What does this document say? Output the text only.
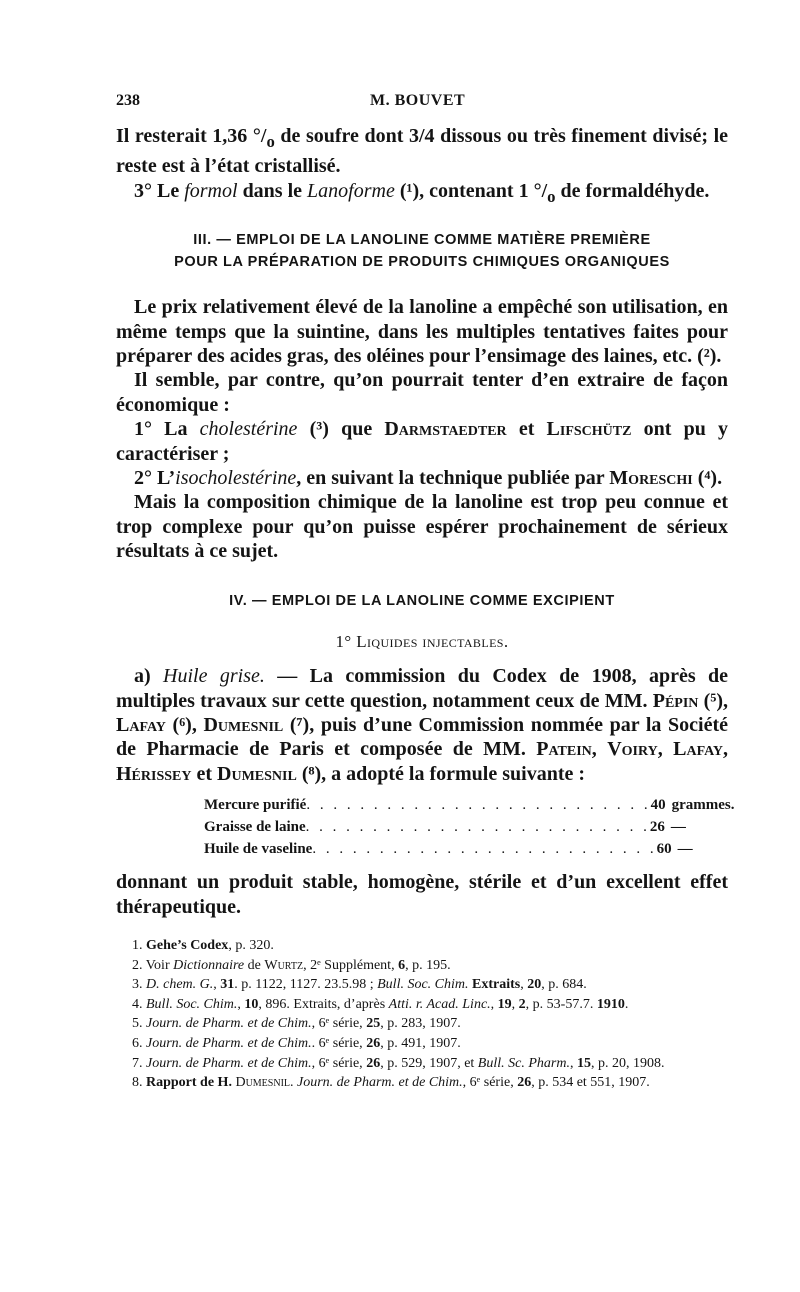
238	M. BOUVET

Il resterait 1,36 $^\circ/_o$ de soufre dont 3/4 dissous ou très finement divisé; le reste est à l’état cristallisé.

3° Le formol dans le Lanoforme (¹), contenant 1 $^\circ/_o$ de formaldéhyde.

III. — EMPLOI DE LA LANOLINE COMME MATIÈRE PREMIÈRE
POUR LA PRÉPARATION DE PRODUITS CHIMIQUES ORGANIQUES

Le prix relativement élevé de la lanoline a empêché son utilisation, en même temps que la suintine, dans les multiples tentatives faites pour préparer des acides gras, des oléines pour l’ensimage des laines, etc. (²).

Il semble, par contre, qu’on pourrait tenter d’en extraire de façon économique :

1° La cholestérine (³) que Darmstaedter et Lifschütz ont pu y caractériser ;

2° L’isocholestérine, en suivant la technique publiée par Moreschi (⁴).

Mais la composition chimique de la lanoline est trop peu connue et trop complexe pour qu’on puisse espérer prochainement de sérieux résultats à ce sujet.

IV. — EMPLOI DE LA LANOLINE COMME EXCIPIENT
1° Liquides injectables.

a) Huile grise. — La commission du Codex de 1908, après de multiples travaux sur cette question, notamment ceux de MM. Pépin (⁵), Lafay (⁶), Dumesnil (⁷), puis d’une Commission nommée par la Société de Pharmacie de Paris et composée de MM. Patein, Voiry, Lafay, Hérissey et Dumesnil (⁸), a adopté la formule suivante :

Mercure purifié . . . . . . . . . . . . . . . . . . . . . . . . . . 40 grammes.
Graisse de laine . . . . . . . . . . . . . . . . . . . . . . . . . . 26 —
Huile de vaseline . . . . . . . . . . . . . . . . . . . . . . . . . . 60 —

donnant un produit stable, homogène, stérile et d’un excellent effet thérapeutique.

1. Gehe’s Codex, p. 320.

2. Voir Dictionnaire de Wurtz, 2ᵉ Supplément, 6, p. 195.

3. D. chem. G., 31. p. 1122, 1127. 23.5.98 ; Bull. Soc. Chim. Extraits, 20, p. 684.

4. Bull. Soc. Chim., 10, 896. Extraits, d’après Atti. r. Acad. Linc., 19, 2, p. 53-57.7. 1910.

5. Journ. de Pharm. et de Chim., 6ᵉ série, 25, p. 283, 1907.

6. Journ. de Pharm. et de Chim.. 6ᵉ série, 26, p. 491, 1907.

7. Journ. de Pharm. et de Chim., 6ᵉ série, 26, p. 529, 1907, et Bull. Sc. Pharm., 15, p. 20, 1908.

8. Rapport de H. Dumesnil. Journ. de Pharm. et de Chim., 6ᵉ série, 26, p. 534 et 551, 1907.
